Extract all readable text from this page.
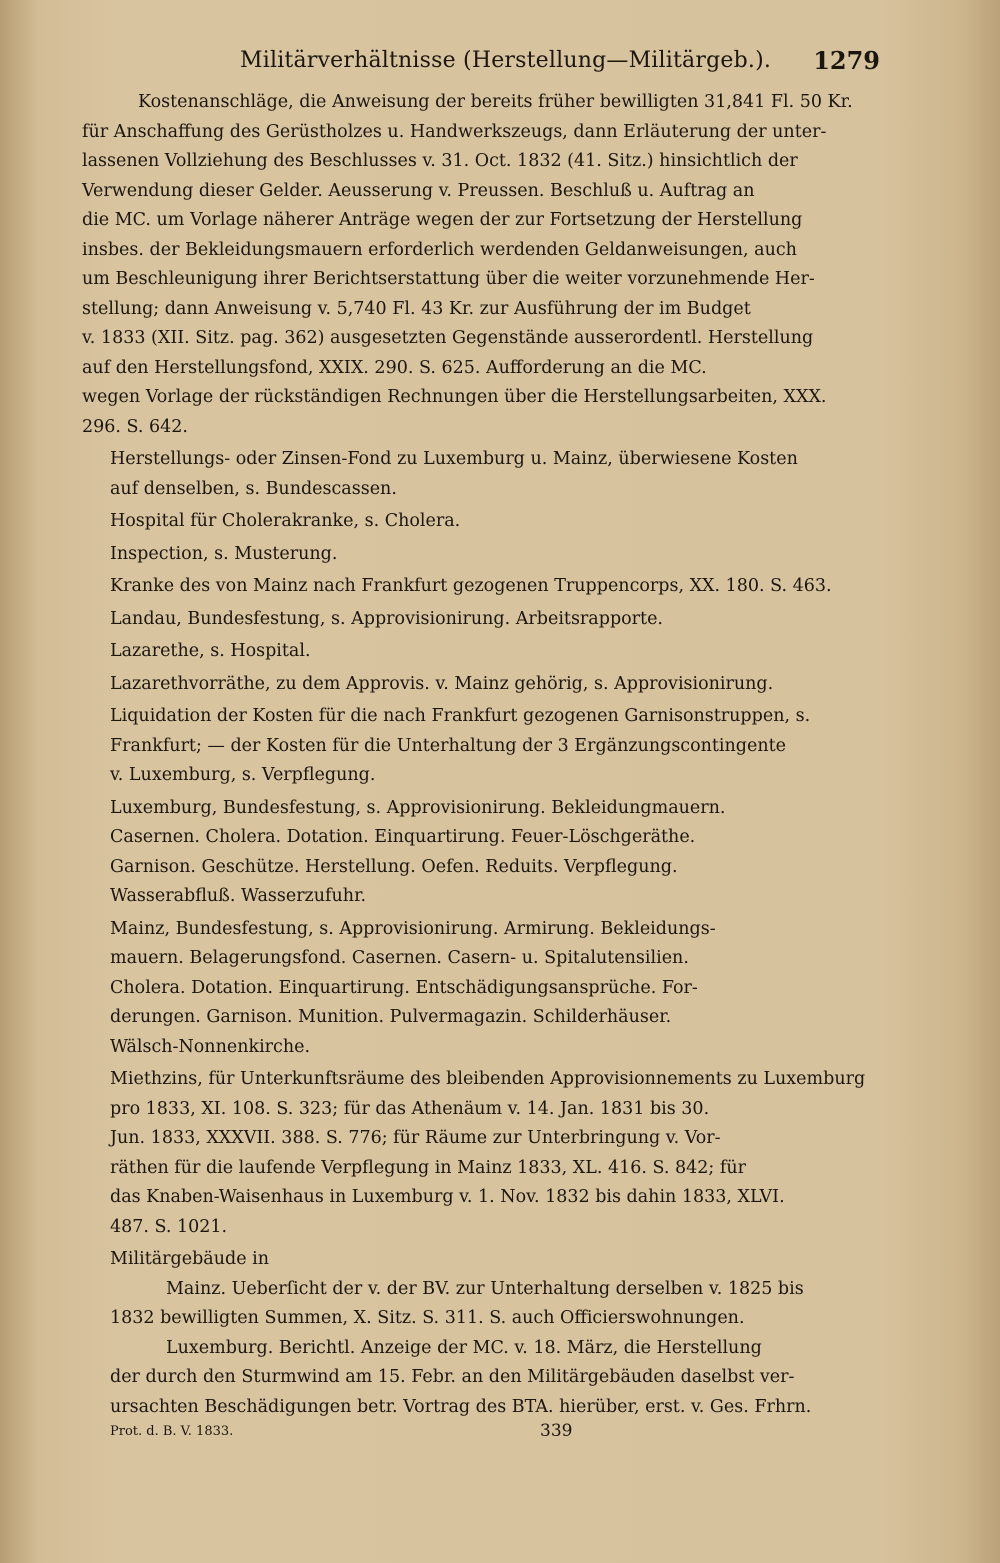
Militärverhältnisse (Herstellung—Militärgeb.). 1279

Kostenanschläge, die Anweisung der bereits früher bewilligten 31,841 Fl. 50 Kr.
für Anschaffung des Gerüstholzes u. Handwerkszeugs, dann Erläuterung der unter-
lassenen Vollziehung des Beschlusses v. 31. Oct. 1832 (41. Sitz.) hinsichtlich der
Verwendung dieser Gelder. Aeusserung v. Preussen. Beschluß u. Auftrag an
die MC. um Vorlage näherer Anträge wegen der zur Fortsetzung der Herstellung
insbes. der Bekleidungsmauern erforderlich werdenden Geldanweisungen, auch
um Beschleunigung ihrer Berichtserstattung über die weiter vorzunehmende Her-
stellung; dann Anweisung v. 5,740 Fl. 43 Kr. zur Ausführung der im Budget
v. 1833 (XII. Sitz. pag. 362) ausgesetzten Gegenstände ausserordentl. Herstellung
auf den Herstellungsfond, XXIX. 290. S. 625. Aufforderung an die MC.
wegen Vorlage der rückständigen Rechnungen über die Herstellungsarbeiten, XXX.
296. S. 642.

Herstellungs- oder Zinsen-Fond zu Luxemburg u. Mainz, überwiesene Kosten
auf denselben, s. Bundescassen.

Hospital für Cholerakranke, s. Cholera.

Inspection, s. Musterung.

Kranke des von Mainz nach Frankfurt gezogenen Truppencorps, XX. 180. S. 463.

Landau, Bundesfestung, s. Approvisionirung. Arbeitsrapporte.

Lazarethe, s. Hospital.

Lazarethvorräthe, zu dem Approvis. v. Mainz gehörig, s. Approvisionirung.

Liquidation der Kosten für die nach Frankfurt gezogenen Garnisonstruppen, s.
Frankfurt; — der Kosten für die Unterhaltung der 3 Ergänzungscontingente
v. Luxemburg, s. Verpflegung.

Luxemburg, Bundesfestung, s. Approvisionirung. Bekleidungmauern.
Casernen. Cholera. Dotation. Einquartirung. Feuer-Löschgeräthe.
Garnison. Geschütze. Herstellung. Oefen. Reduits. Verpflegung.
Wasserabfluß. Wasserzufuhr.

Mainz, Bundesfestung, s. Approvisionirung. Armirung. Bekleidungs-
mauern. Belagerungsfond. Casernen. Casern- u. Spitalutensilien.
Cholera. Dotation. Einquartirung. Entschädigungsansprüche. For-
derungen. Garnison. Munition. Pulvermagazin. Schilderhäuser.
Wälsch-Nonnenkirche.

Miethzins, für Unterkunftsräume des bleibenden Approvisionnements zu Luxemburg
pro 1833, XI. 108. S. 323; für das Athenäum v. 14. Jan. 1831 bis 30.
Jun. 1833, XXXVII. 388. S. 776; für Räume zur Unterbringung v. Vor-
räthen für die laufende Verpflegung in Mainz 1833, XL. 416. S. 842; für
das Knaben-Waisenhaus in Luxemburg v. 1. Nov. 1832 bis dahin 1833, XLVI.
487. S. 1021.

Militärgebäude in

Mainz. Ueberſicht der v. der BV. zur Unterhaltung derselben v. 1825 bis
1832 bewilligten Summen, X. Sitz. S. 311. S. auch Officierswohnungen.

Luxemburg. Berichtl. Anzeige der MC. v. 18. März, die Herstellung
der durch den Sturmwind am 15. Febr. an den Militärgebäuden daselbst ver-
ursachten Beschädigungen betr. Vortrag des BTA. hierüber, erst. v. Ges. Frhrn.

Prot. d. B. V. 1833.	339
